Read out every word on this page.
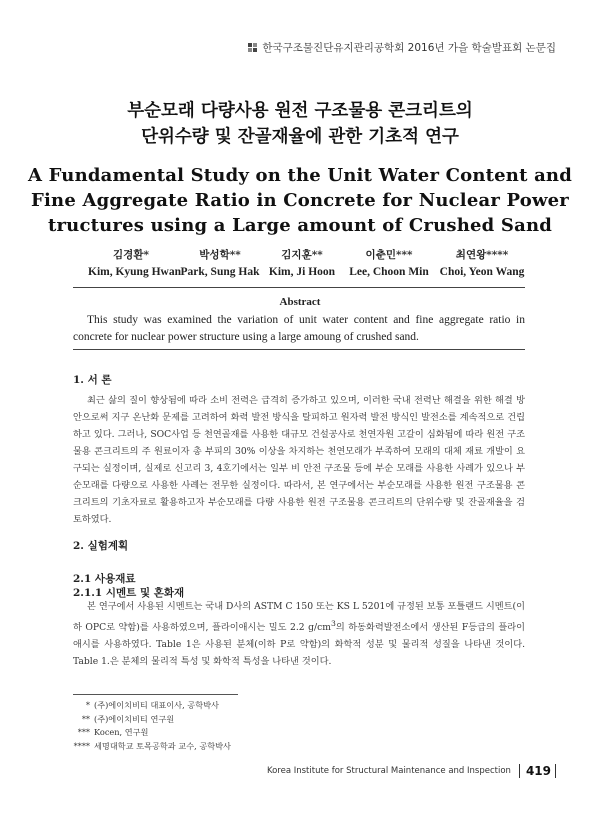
한국구조물진단유지관리공학회 2016년 가을 학술발표회 논문집
부순모래 다량사용 원전 구조물용 콘크리트의
단위수량 및 잔골재율에 관한 기초적 연구
A Fundamental Study on the Unit Water Content and
Fine Aggregate Ratio in Concrete for Nuclear Power
tructures using a Large amount of Crushed Sand
김경환*
Kim, Kyung Hwan
박성학**
Park, Sung Hak
김지훈**
Kim, Ji Hoon
이춘민***
Lee, Choon Min
최연왕****
Choi, Yeon Wang
Abstract
This study was examined the variation of unit water content and fine aggregate ratio in concrete for nuclear power structure using a large amoung of crushed sand.
1. 서 론
최근 삶의 질이 향상됨에 따라 소비 전력은 급격히 증가하고 있으며, 이러한 국내 전력난 해결을 위한 해결 방안으로써 지구 온난화 문제를 고려하여 화력 발전 방식을 탈피하고 원자력 발전 방식인 발전소를 계속적으로 건립하고 있다. 그러나, SOC사업 등 천연골재를 사용한 대규모 건설공사로 천연자원 고갈이 심화됨에 따라 원전 구조물용 콘크리트의 주 원료이자 총 부피의 30% 이상을 차지하는 천연모래가 부족하여 모래의 대체 재료 개발이 요구되는 실정이며, 실제로 신고리 3, 4호기에서는 일부 비 안전 구조물 등에 부순 모래를 사용한 사례가 있으나 부순모래를 다량으로 사용한 사례는 전무한 실정이다. 따라서, 본 연구에서는 부순모래를 사용한 원전 구조물용 콘크리트의 기초자료로 활용하고자 부순모래를 다량 사용한 원전 구조물용 콘크리트의 단위수량 및 잔골재율을 검토하였다.
2. 실험계획
2.1 사용재료
2.1.1 시멘트 및 혼화재
본 연구에서 사용된 시멘트는 국내 D사의 ASTM C 150 또는 KS L 5201에 규정된 보통 포틀랜드 시멘트(이하 OPC로 약함)를 사용하였으며, 플라이애시는 밀도 2.2 $g/cm^3$의 하동화력발전소에서 생산된 F등급의 플라이애시를 사용하였다. Table 1은 사용된 분체(이하 P로 약함)의 화학적 성분 및 물리적 성질을 나타낸 것이다. Table 1.은 분체의 물리적 특성 및 화학적 특성을 나타낸 것이다.
* (주)에이치비티 대표이사, 공학박사
** (주)에이치비티 연구원
*** Kocen, 연구원
**** 세명대학교 토목공학과 교수, 공학박사
Korea Institute for Structural Maintenance and Inspection 419
